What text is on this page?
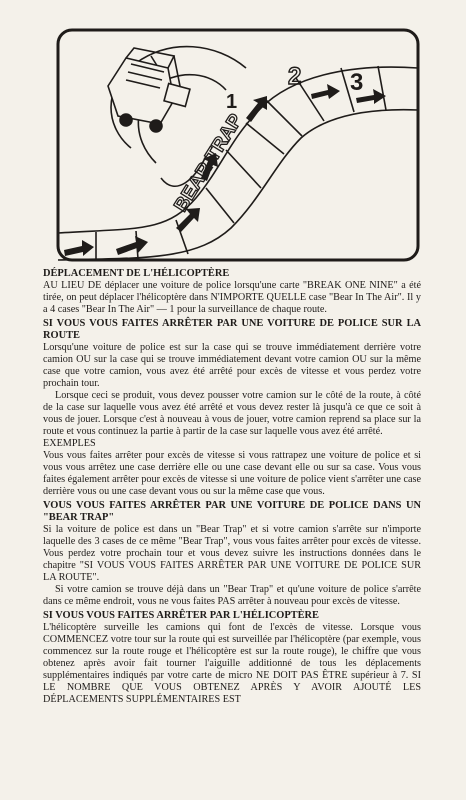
1
2 3
BEAR TRAP
DÉPLACEMENT DE L'HÉLICOPTÈRE

AU LIEU DE déplacer une voiture de police lorsqu'une carte "BREAK ONE NINE" a été tirée, on peut déplacer l'hélicoptère dans N'IMPORTE QUELLE case "Bear In The Air". Il y a 4 cases "Bear In The Air" — 1 pour la surveillance de chaque route.

SI VOUS VOUS FAITES ARRÊTER PAR UNE VOITURE DE POLICE SUR LA ROUTE

Lorsqu'une voiture de police est sur la case qui se trouve immédiatement derrière votre camion OU sur la case qui se trouve immédiatement devant votre camion OU sur la même case que votre camion, vous avez été arrêté pour excès de vitesse et vous perdez votre prochain tour.

Lorsque ceci se produit, vous devez pousser votre camion sur le côté de la route, à côté de la case sur laquelle vous avez été arrêté et vous devez rester là jusqu'à ce que ce soit à vous de jouer. Lorsque c'est à nouveau à vous de jouer, votre camion reprend sa place sur la route et vous continuez la partie à partir de la case sur laquelle vous avez été arrêté.

EXEMPLES

Vous vous faites arrêter pour excès de vitesse si vous rattrapez une voiture de police et si vous vous arrêtez une case derrière elle ou une case devant elle ou sur sa case. Vous vous faites également arrêter pour excès de vitesse si une voiture de police vient s'arrêter une case derrière vous ou une case devant vous ou sur la même case que vous.

VOUS VOUS FAITES ARRÊTER PAR UNE VOITURE DE POLICE DANS UN "BEAR TRAP"

Si la voiture de police est dans un "Bear Trap" et si votre camion s'arrête sur n'importe laquelle des 3 cases de ce même "Bear Trap", vous vous faites arrêter pour excès de vitesse. Vous perdez votre prochain tour et vous devez suivre les instructions données dans le chapitre "SI VOUS VOUS FAITES ARRÊTER PAR UNE VOITURE DE POLICE SUR LA ROUTE".

Si votre camion se trouve déjà dans un "Bear Trap" et qu'une voiture de police s'arrête dans ce même endroit, vous ne vous faites PAS arrêter à nouveau pour excès de vitesse.

SI VOUS VOUS FAITES ARRÊTER PAR L'HÉLICOPTÈRE

L'hélicoptère surveille les camions qui font de l'excès de vitesse. Lorsque vous COMMENCEZ votre tour sur la route qui est surveillée par l'hélicoptère (par exemple, vous commencez sur la route rouge et l'hélicoptère est sur la route rouge), le chiffre que vous obtenez après avoir fait tourner l'aiguille additionné de tous les déplacements supplémentaires indiqués par votre carte de micro NE DOIT PAS ÊTRE supérieur à 7. SI LE NOMBRE QUE VOUS OBTENEZ APRÈS Y AVOIR AJOUTÉ LES DÉPLACEMENTS SUPPLÉMENTAIRES EST
